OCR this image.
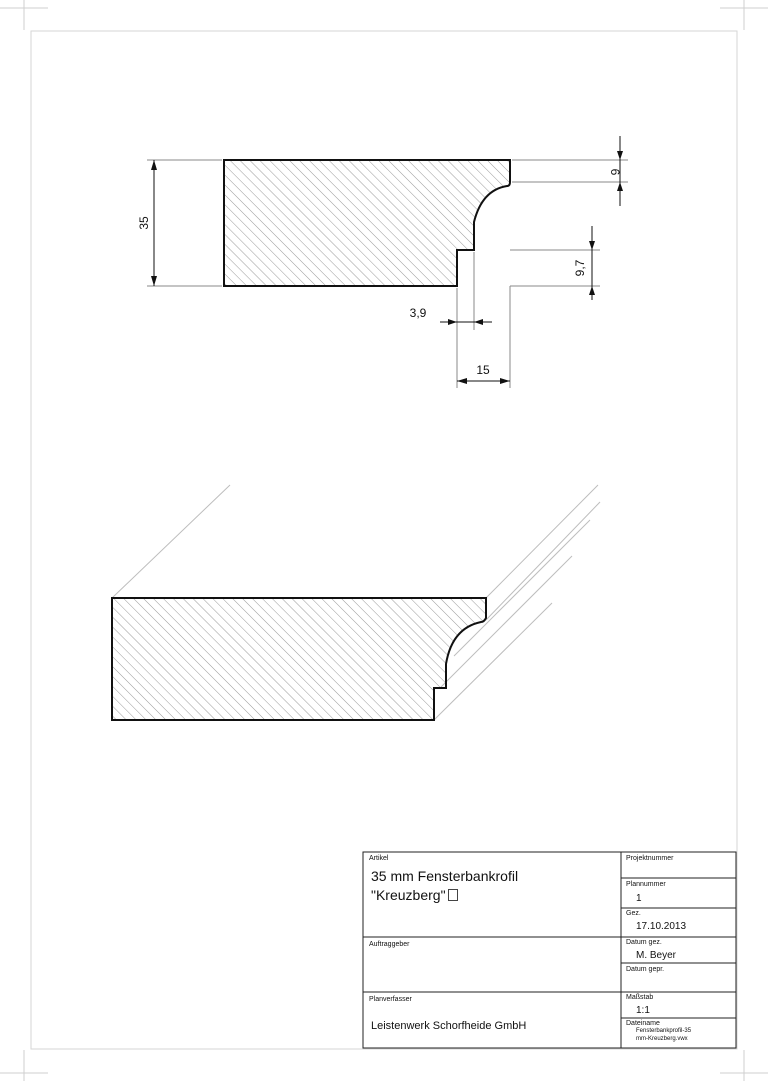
35
6
9,7
3,9
15
Artikel
35 mm Fensterbankrofil
"Kreuzberg"
Auftraggeber
Planverfasser
Leistenwerk Schorfheide GmbH
Projektnummer
Plannummer
1
Gez.
17.10.2013
Datum gez.
M. Beyer
Datum gepr.
Maßstab
1:1
Dateiname
Fensterbankprofil-35
mm-Kreuzberg.vwx
